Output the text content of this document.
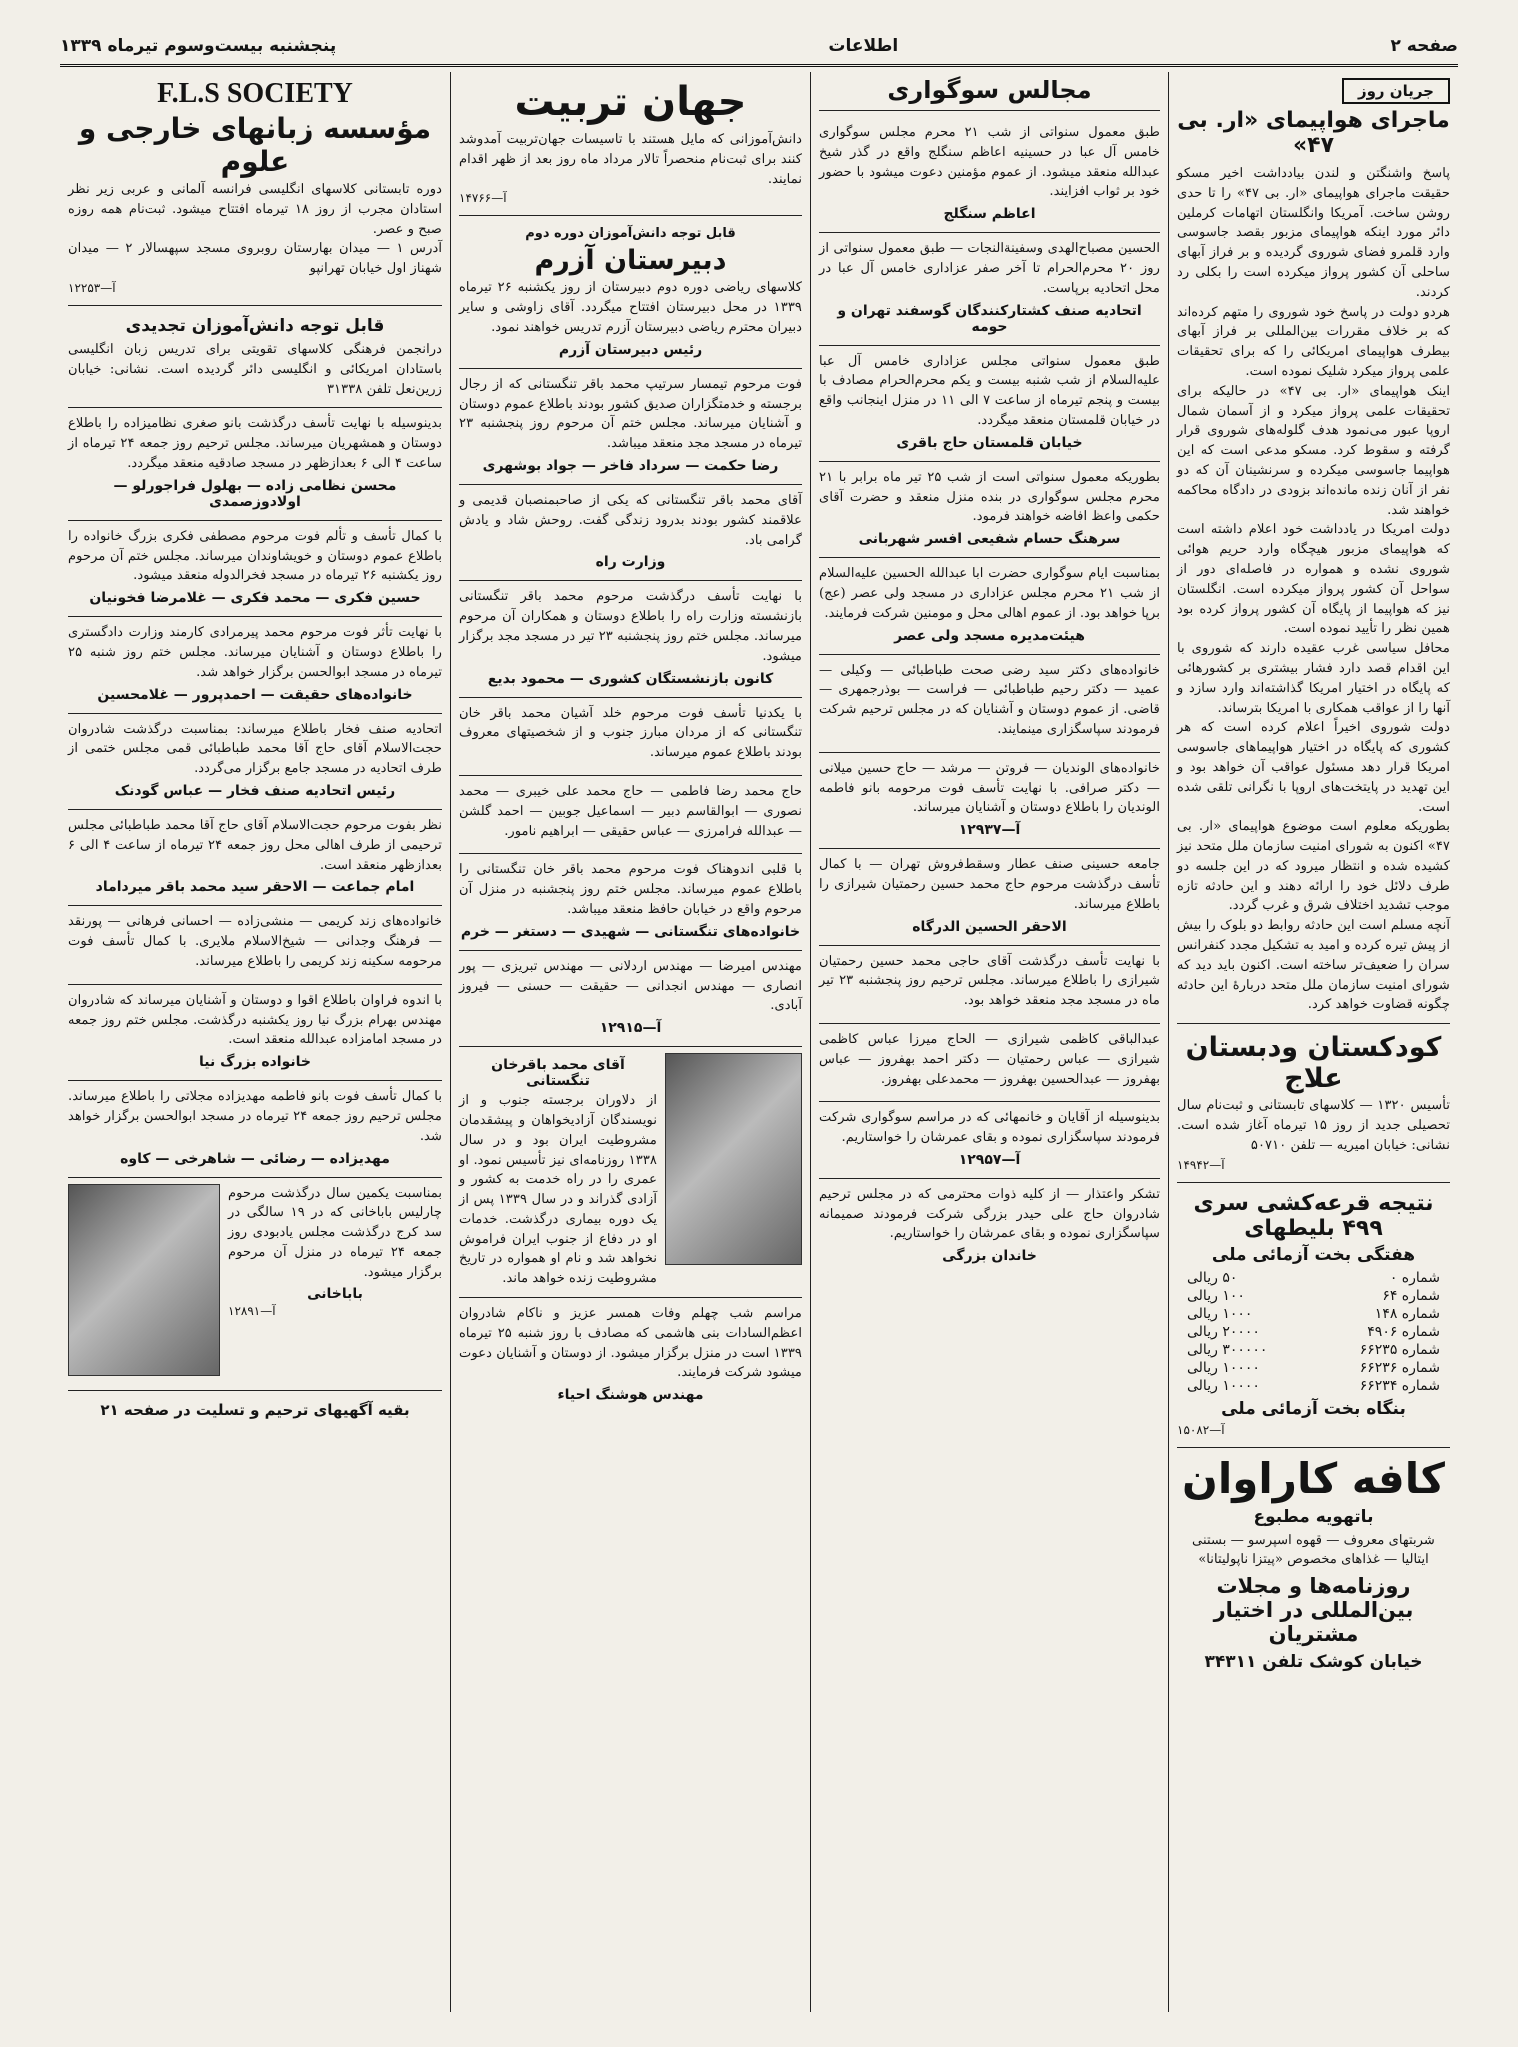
صفحه ۲
اطلاعات
پنجشنبه بیست‌وسوم تیرماه ۱۳۳۹
جریان روز
ماجرای هواپیمای «ار. بی ۴۷»

پاسخ واشنگتن و لندن بیادداشت اخیر مسکو حقیقت ماجرای هواپیمای «ار. بی ۴۷» را تا حدی روشن ساخت. آمریکا وانگلستان اتهامات کرملین دائر مورد اینکه هواپیمای مزبور بقصد جاسوسی وارد قلمرو فضای شوروی گردیده و بر فراز آبهای ساحلی آن کشور پرواز میکرده است را بکلی رد کردند.

هردو دولت در پاسخ خود شوروی را متهم کرده‌اند که بر خلاف مقررات بین‌المللی بر فراز آبهای بیطرف هواپیمای امریکائی را که برای تحقیقات علمی پرواز میکرد شلیک نموده است.

اینک هواپیمای «ار. بی ۴۷» در حالیکه برای تحقیقات علمی پرواز میکرد و از آسمان شمال اروپا عبور می‌نمود هدف گلوله‌های شوروی قرار گرفته و سقوط کرد. مسکو مدعی است که این هواپیما جاسوسی میکرده و سرنشینان آن که دو نفر از آنان زنده مانده‌اند بزودی در دادگاه محاکمه خواهند شد.

دولت امریکا در یادداشت خود اعلام داشته است که هواپیمای مزبور هیچگاه وارد حریم هوائی شوروی نشده و همواره در فاصله‌ای دور از سواحل آن کشور پرواز میکرده است. انگلستان نیز که هواپیما از پایگاه آن کشور پرواز کرده بود همین نظر را تأیید نموده است.

محافل سیاسی غرب عقیده دارند که شوروی با این اقدام قصد دارد فشار بیشتری بر کشورهائی که پایگاه در اختیار امریکا گذاشته‌اند وارد سازد و آنها را از عواقب همکاری با امریکا بترساند.

دولت شوروی اخیراً اعلام کرده است که هر کشوری که پایگاه در اختیار هواپیماهای جاسوسی امریکا قرار دهد مسئول عواقب آن خواهد بود و این تهدید در پایتخت‌های اروپا با نگرانی تلقی شده است.

بطوریکه معلوم است موضوع هواپیمای «ار. بی ۴۷» اکنون به شورای امنیت سازمان ملل متحد نیز کشیده شده و انتظار میرود که در این جلسه دو طرف دلائل خود را ارائه دهند و این حادثه تازه موجب تشدید اختلاف شرق و غرب گردد.

آنچه مسلم است این حادثه روابط دو بلوک را بیش از پیش تیره کرده و امید به تشکیل مجدد کنفرانس سران را ضعیف‌تر ساخته است. اکنون باید دید که شورای امنیت سازمان ملل متحد دربارهٔ این حادثه چگونه قضاوت خواهد کرد.

کودکستان ودبستان علاج

تأسیس ۱۳۲۰ — کلاسهای تابستانی و ثبت‌نام سال تحصیلی جدید از روز ۱۵ تیرماه آغاز شده است. نشانی: خیابان امیریه — تلفن ۵۰۷۱۰

آ—۱۴۹۴۲
نتیجه قرعه‌کشی سری ۴۹۹ بلیطهای
هفتگی بخت آزمائی ملی
شماره ۰
۵۰ ریالی
شماره ۶۴
۱۰۰ ریالی
شماره ۱۴۸
۱۰۰۰ ریالی
شماره ۴۹۰۶
۲۰۰۰۰ ریالی
شماره ۶۶۲۳۵
۳۰۰۰۰۰ ریالی
شماره ۶۶۲۳۶
۱۰۰۰۰ ریالی
شماره ۶۶۲۳۴
۱۰۰۰۰ ریالی
بنگاه بخت آزمائی ملی
آ—۱۵۰۸۲
کافه کاراوان
باتهویه مطبوع

شربتهای معروف — قهوه اسپرسو — بستنی ایتالیا — غذاهای مخصوص «پیتزا ناپولیتانا»

روزنامه‌ها و مجلات بین‌المللی در اختیار مشتریان
خیابان کوشک تلفن ۳۴۳۱۱
مجالس سوگواری

طبق معمول سنواتی از شب ۲۱ محرم مجلس سوگواری خامس آل عبا در حسینیه اعاظم سنگلج واقع در گذر شیخ عبدالله منعقد میشود. از عموم مؤمنین دعوت میشود با حضور خود بر ثواب افزایند.

اعاظم سنگلج

الحسین مصباح‌الهدی وسفینةالنجات — طبق معمول سنواتی از روز ۲۰ محرم‌الحرام تا آخر صفر عزاداری خامس آل عبا در محل اتحادیه برپاست.

اتحادیه صنف کشتارکنندگان گوسفند تهران و حومه

طبق معمول سنواتی مجلس عزاداری خامس آل عبا علیه‌السلام از شب شنبه بیست و یکم محرم‌الحرام مصادف با بیست و پنجم تیرماه از ساعت ۷ الی ۱۱ در منزل اینجانب واقع در خیابان قلمستان منعقد میگردد.

خیابان قلمستان حاج باقری

بطوریکه معمول سنواتی است از شب ۲۵ تیر ماه برابر با ۲۱ محرم مجلس سوگواری در بنده منزل منعقد و حضرت آقای حکمی واعظ افاضه خواهند فرمود.

سرهنگ حسام شفیعی افسر شهربانی

بمناسبت ایام سوگواری حضرت ابا عبدالله الحسین علیه‌السلام از شب ۲۱ محرم مجلس عزاداری در مسجد ولی عصر (عج) برپا خواهد بود. از عموم اهالی محل و مومنین شرکت فرمایند.

هیئت‌مدیره مسجد ولی عصر

خانواده‌های دکتر سید رضی صحت طباطبائی — وکیلی — عمید — دکتر رحیم طباطبائی — فراست — بوذرجمهری — قاضی. از عموم دوستان و آشنایان که در مجلس ترحیم شرکت فرمودند سپاسگزاری مینمایند.

خانواده‌های الوندیان — فروتن — مرشد — حاج حسین میلانی — دکتر صرافی. با نهایت تأسف فوت مرحومه بانو فاطمه الوندیان را باطلاع دوستان و آشنایان میرساند.

آ—۱۲۹۳۷

جامعه حسینی صنف عطار وسقط‌فروش تهران — با کمال تأسف درگذشت مرحوم حاج محمد حسین رحمتیان شیرازی را باطلاع میرساند.

الاحقر الحسین الدرگاه

با نهایت تأسف درگذشت آقای حاجی محمد حسین رحمتیان شیرازی را باطلاع میرساند. مجلس ترحیم روز پنجشنبه ۲۳ تیر ماه در مسجد مجد منعقد خواهد بود.

عبدالباقی کاظمی شیرازی — الحاج میرزا عباس کاظمی شیرازی — عباس رحمتیان — دکتر احمد بهفروز — عباس بهفروز — عبدالحسین بهفروز — محمدعلی بهفروز.

بدینوسیله از آقایان و خانمهائی که در مراسم سوگواری شرکت فرمودند سپاسگزاری نموده و بقای عمرشان را خواستاریم.

آ—۱۲۹۵۷

تشکر واعتذار — از کلیه ذوات محترمی که در مجلس ترحیم شادروان حاج علی حیدر بزرگی شرکت فرمودند صمیمانه سپاسگزاری نموده و بقای عمرشان را خواستاریم.

خاندان بزرگی
جهان تربیت

دانش‌آموزانی که مایل هستند با تاسیسات جهان‌تربیت آمدوشد کنند برای ثبت‌نام منحصراً تالار مرداد ماه روز بعد از ظهر اقدام نمایند.

آ—۱۴۷۶۶
قابل توجه دانش‌آموزان دوره دوم
دبیرستان آزرم

کلاسهای ریاضی دوره دوم دبیرستان از روز یکشنبه ۲۶ تیرماه ۱۳۳۹ در محل دبیرستان افتتاح میگردد. آقای زاوشی و سایر دبیران محترم ریاضی دبیرستان آزرم تدریس خواهند نمود.

رئیس دبیرستان آزرم

فوت مرحوم تیمسار سرتیپ محمد باقر تنگستانی که از رجال برجسته و خدمتگزاران صدیق کشور بودند باطلاع عموم دوستان و آشنایان میرساند. مجلس ختم آن مرحوم روز پنجشنبه ۲۳ تیرماه در مسجد مجد منعقد میباشد.

رضا حکمت — سرداد فاخر — جواد بوشهری

آقای محمد باقر تنگستانی که یکی از صاحبمنصبان قدیمی و علاقمند کشور بودند بدرود زندگی گفت. روحش شاد و یادش گرامی باد.

وزارت راه

با نهایت تأسف درگذشت مرحوم محمد باقر تنگستانی بازنشسته وزارت راه را باطلاع دوستان و همکاران آن مرحوم میرساند. مجلس ختم روز پنجشنبه ۲۳ تیر در مسجد مجد برگزار میشود.

کانون بازنشستگان کشوری — محمود بدیع

با یکدنیا تأسف فوت مرحوم خلد آشیان محمد باقر خان تنگستانی که از مردان مبارز جنوب و از شخصیتهای معروف بودند باطلاع عموم میرساند.

حاج محمد رضا فاطمی — حاج محمد علی خیبری — محمد نصوری — ابوالقاسم دبیر — اسماعیل جوبین — احمد گلشن — عبدالله فرامرزی — عباس حقیقی — ابراهیم نامور.

با قلبی اندوهناک فوت مرحوم محمد باقر خان تنگستانی را باطلاع عموم میرساند. مجلس ختم روز پنجشنبه در منزل آن مرحوم واقع در خیابان حافظ منعقد میباشد.

خانواده‌های تنگستانی — شهیدی — دستغر — خرم

مهندس امیرضا — مهندس اردلانی — مهندس تبریزی — پور انصاری — مهندس انجدانی — حقیقت — حسنی — فیروز آبادی.

آ—۱۲۹۱۵
آقای محمد باقرخان تنگستانی

از دلاوران برجسته جنوب و از نویسندگان آزادیخواهان و پیشقدمان مشروطیت ایران بود و در سال ۱۳۳۸ روزنامه‌ای نیز تأسیس نمود. او عمری را در راه خدمت به کشور و آزادی گذراند و در سال ۱۳۳۹ پس از یک دوره بیماری درگذشت. خدمات او در دفاع از جنوب ایران فراموش نخواهد شد و نام او همواره در تاریخ مشروطیت زنده خواهد ماند.

مراسم شب چهلم وفات همسر عزیز و ناکام شادروان اعظم‌السادات بنی هاشمی که مصادف با روز شنبه ۲۵ تیرماه ۱۳۳۹ است در منزل برگزار میشود. از دوستان و آشنایان دعوت میشود شرکت فرمایند.

مهندس هوشنگ احیاء
F.L.S SOCIETY
مؤسسه زبانهای خارجی و علوم

دوره تابستانی کلاسهای انگلیسی فرانسه آلمانی و عربی زیر نظر استادان مجرب از روز ۱۸ تیرماه افتتاح میشود. ثبت‌نام همه روزه صبح و عصر.

آدرس ۱ — میدان بهارستان روبروی مسجد سپهسالار ۲ — میدان شهناز اول خیابان تهرانپو

آ—۱۲۲۵۳
قابل توجه دانش‌آموزان تجدیدی

درانجمن فرهنگی کلاسهای تقویتی برای تدریس زبان انگلیسی باستادان امریکائی و انگلیسی دائر گردیده است. نشانی: خیابان زرین‌نعل تلفن ۳۱۳۳۸

بدینوسیله با نهایت تأسف درگذشت بانو صغری نظامیزاده را باطلاع دوستان و همشهریان میرساند. مجلس ترحیم روز جمعه ۲۴ تیرماه از ساعت ۴ الی ۶ بعدازظهر در مسجد صادقیه منعقد میگردد.

محسن نظامی زاده — بهلول فراجورلو — اولادوزصمدی

با کمال تأسف و تألم فوت مرحوم مصطفی فکری بزرگ خانواده را باطلاع عموم دوستان و خویشاوندان میرساند. مجلس ختم آن مرحوم روز یکشنبه ۲۶ تیرماه در مسجد فخرالدوله منعقد میشود.

حسین فکری — محمد فکری — غلامرضا فخونیان

با نهایت تأثر فوت مرحوم محمد پیرمرادی کارمند وزارت دادگستری را باطلاع دوستان و آشنایان میرساند. مجلس ختم روز شنبه ۲۵ تیرماه در مسجد ابوالحسن برگزار خواهد شد.

خانواده‌های حقیقت — احمدپرور — غلامحسین

اتحادیه صنف فخار باطلاع میرساند: بمناسبت درگذشت شادروان حجت‌الاسلام آقای حاج آقا محمد طباطبائی قمی مجلس ختمی از طرف اتحادیه در مسجد جامع برگزار می‌گردد.

رئیس اتحادیه صنف فخار — عباس گودنک

نظر بفوت مرحوم حجت‌الاسلام آقای حاج آقا محمد طباطبائی مجلس ترحیمی از طرف اهالی محل روز جمعه ۲۴ تیرماه از ساعت ۴ الی ۶ بعدازظهر منعقد است.

امام جماعت — الاحقر سید محمد باقر میرداماد

خانواده‌های زند کریمی — منشی‌زاده — احسانی فرهانی — پورنقد — فرهنگ وجدانی — شیخ‌الاسلام ملایری. با کمال تأسف فوت مرحومه سکینه زند کریمی را باطلاع میرساند.

با اندوه فراوان باطلاع اقوا و دوستان و آشنایان میرساند که شادروان مهندس بهرام بزرگ نیا روز یکشنبه درگذشت. مجلس ختم روز جمعه در مسجد امامزاده عبدالله منعقد است.

خانواده بزرگ نیا

با کمال تأسف فوت بانو فاطمه مهدیزاده مجلاتی را باطلاع میرساند. مجلس ترحیم روز جمعه ۲۴ تیرماه در مسجد ابوالحسن برگزار خواهد شد.

مهدیزاده — رضائی — شاهرخی — کاوه

بمناسبت یکمین سال درگذشت مرحوم چارلیس باباخانی که در ۱۹ سالگی در سد کرج درگذشت مجلس یادبودی روز جمعه ۲۴ تیرماه در منزل آن مرحوم برگزار میشود.

باباخانی
آ—۱۲۸۹۱
بقیه آگهیهای ترحیم و تسلیت در صفحه ۲۱
